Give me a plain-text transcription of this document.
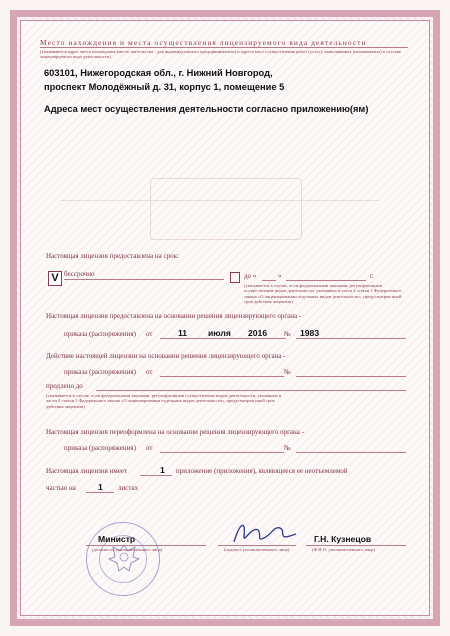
Место нахождения и места осуществления лицензируемого вида деятельности
(указываются адрес места нахождения (место жительства - для индивидуального предпринимателя) и адреса мест осуществления работ (услуг), выполняемых (оказываемых) в составе лицензируемого вида деятельности)
603101, Нижегородская обл., г. Нижний Новгород,
проспект Молодёжный д. 31, корпус 1, помещение 5
Адреса мест осуществления деятельности согласно приложению(ям)
Настоящая лицензия предоставлена на срок:
V бессрочно	до «	»	г.
(указывается в случае, если федеральными законами, регулирующими осуществление видов деятельности, указанных в части 4 статьи 1 Федерального закона «О лицензировании отдельных видов деятельности», предусмотрен иной срок действия лицензии)
Настоящая лицензия предоставлена на основании решения лицензирующего органа -
приказа (распоряжения) от	11 июля 2016 № 1983
Действие настоящей лицензии на основании решения лицензирующего органа -
приказа (распоряжения) от	№
продлено до
(указывается в случае, если федеральными законами, регулирующими осуществление видов деятельности, указанных в части 4 статьи 1 Федерального закона «О лицензировании отдельных видов деятельности», предусмотрен иной срок действия лицензии)
Настоящая лицензия переоформлена на основании решения лицензирующего органа -
приказа (распоряжения) от	№
Настоящая лицензия имеет	1 приложение (приложения), являющееся ее неотъемлемой
частью на	1 листах
Министр
(должность уполномоченного лица)	(подпись уполномоченного лица)
Г.Н. Кузнецов
(Ф.И.О. уполномоченного лица)
